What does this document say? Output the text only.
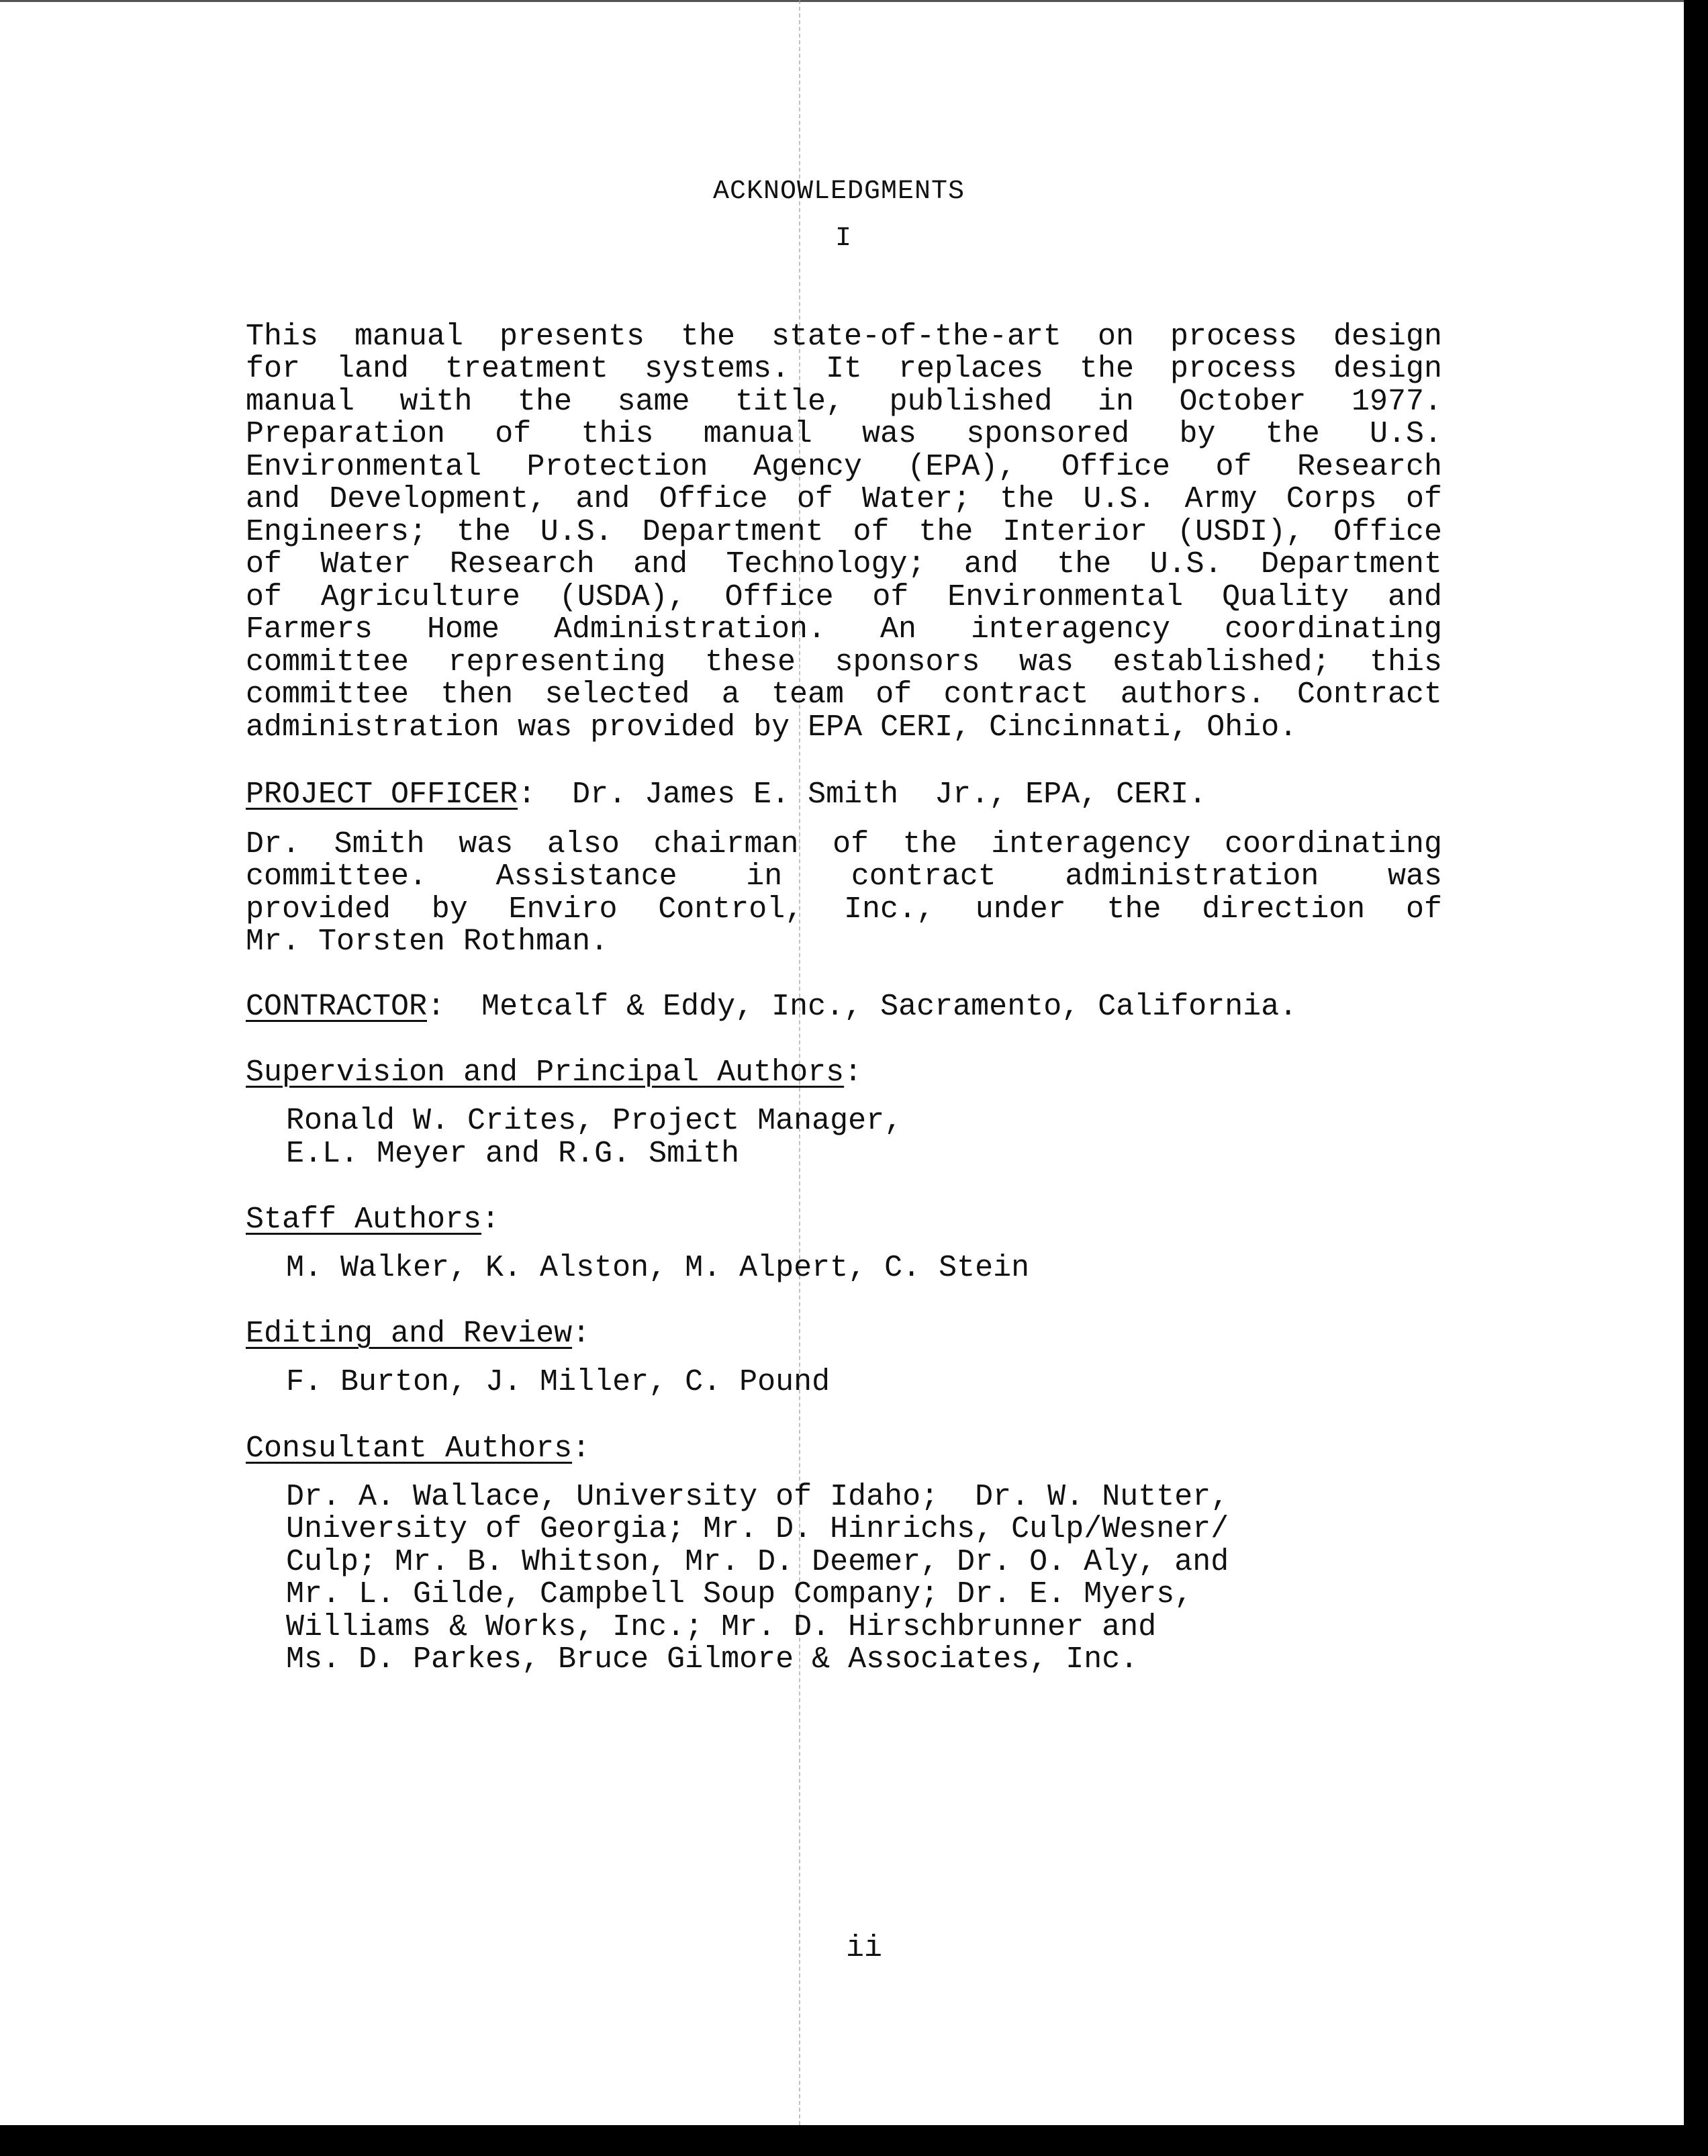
ACKNOWLEDGMENTS
I
This manual presents the state-of-the-art on process design
for land treatment systems. It replaces the process design
manual with the same title, published in October 1977.
Preparation of this manual was sponsored by the U.S.
Environmental Protection Agency (EPA), Office of Research
and Development, and Office of Water; the U.S. Army Corps of
Engineers; the U.S. Department of the Interior (USDI), Office
of Water Research and Technology; and the U.S. Department
of Agriculture (USDA), Office of Environmental Quality and
Farmers Home Administration. An interagency coordinating
committee representing these sponsors was established; this
committee then selected a team of contract authors. Contract
administration was provided by EPA CERI, Cincinnati, Ohio.
PROJECT OFFICER:  Dr. James E. Smith  Jr., EPA, CERI.
Dr. Smith was also chairman of the interagency coordinating
committee. Assistance in contract administration was
provided by Enviro Control, Inc., under the direction of
Mr. Torsten Rothman.
CONTRACTOR:  Metcalf & Eddy, Inc., Sacramento, California.
Supervision and Principal Authors:
Ronald W. Crites, Project Manager,
E.L. Meyer and R.G. Smith
Staff Authors:
M. Walker, K. Alston, M. Alpert, C. Stein
Editing and Review:
F. Burton, J. Miller, C. Pound
Consultant Authors:
Dr. A. Wallace, University of Idaho;  Dr. W. Nutter,
University of Georgia; Mr. D. Hinrichs, Culp/Wesner/
Culp; Mr. B. Whitson, Mr. D. Deemer, Dr. O. Aly, and
Mr. L. Gilde, Campbell Soup Company; Dr. E. Myers,
Williams & Works, Inc.; Mr. D. Hirschbrunner and
Ms. D. Parkes, Bruce Gilmore & Associates, Inc.
ii
